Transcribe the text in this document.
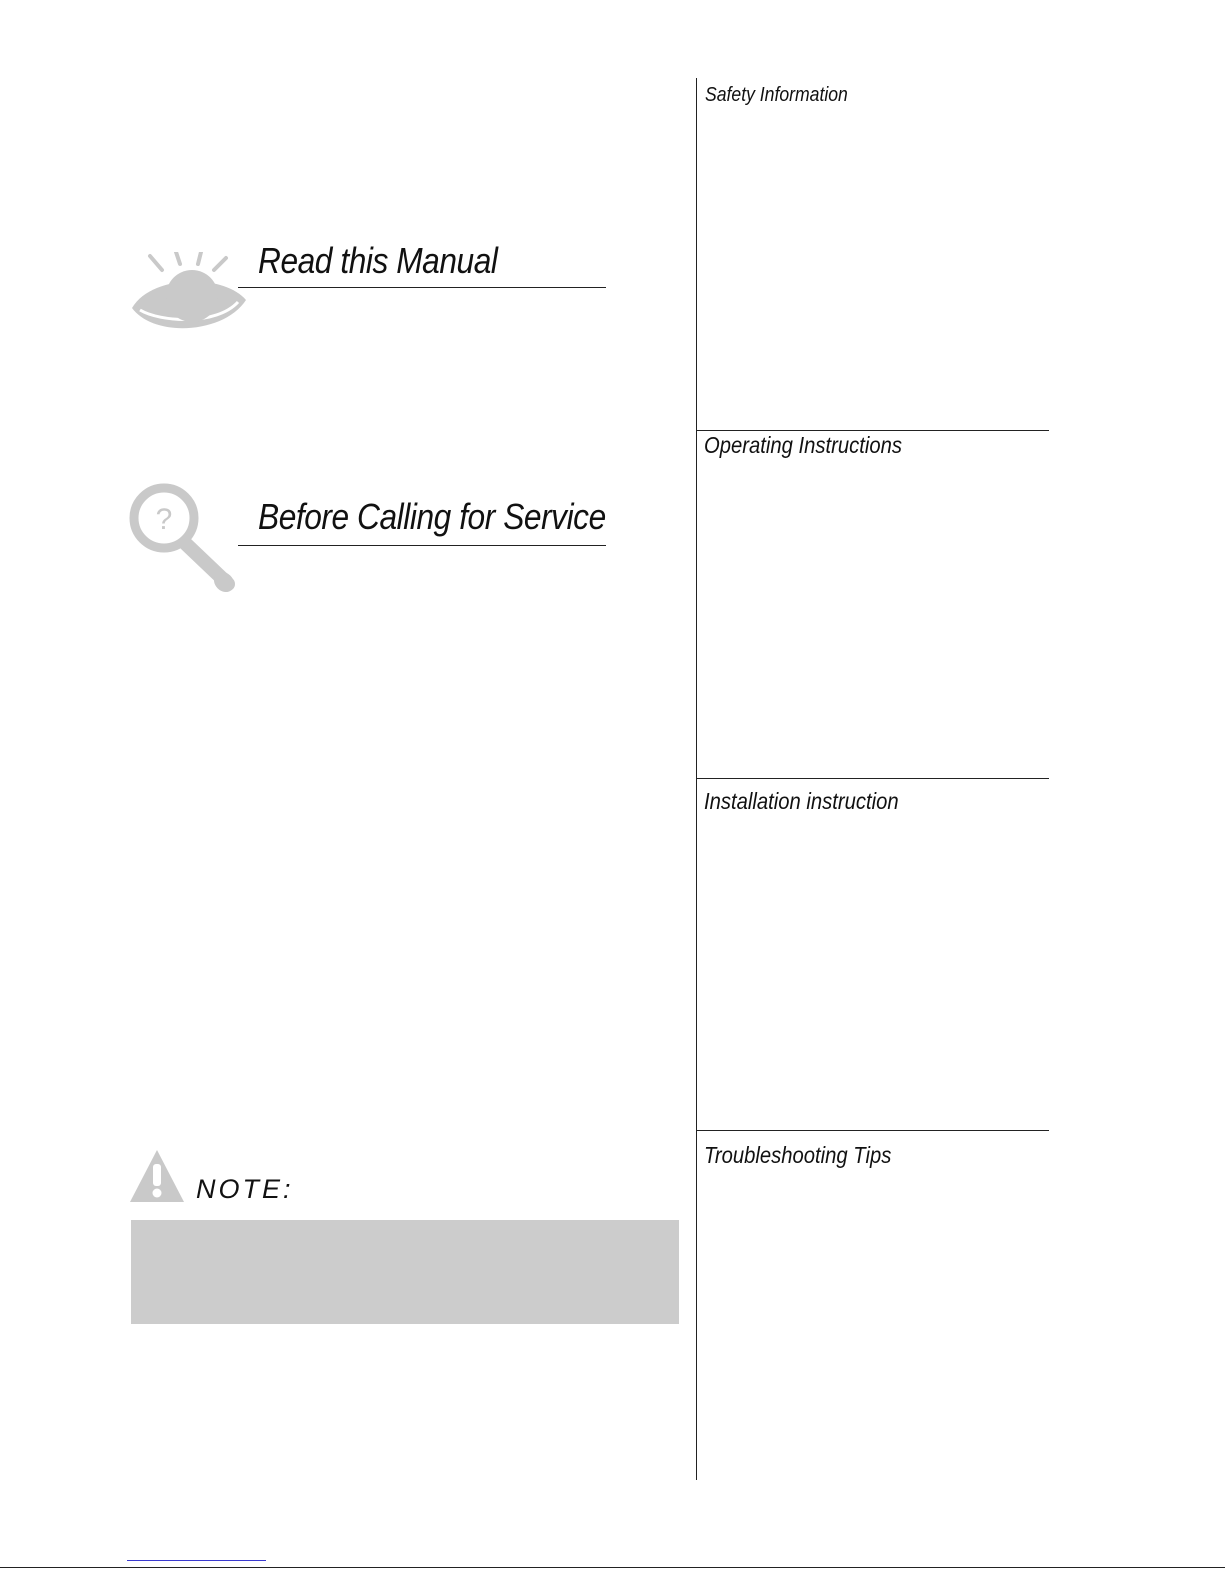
Read this Manual
? Before Calling for Service
NOTE:
Safety Information
Operating Instructions
Installation instruction
Troubleshooting Tips
